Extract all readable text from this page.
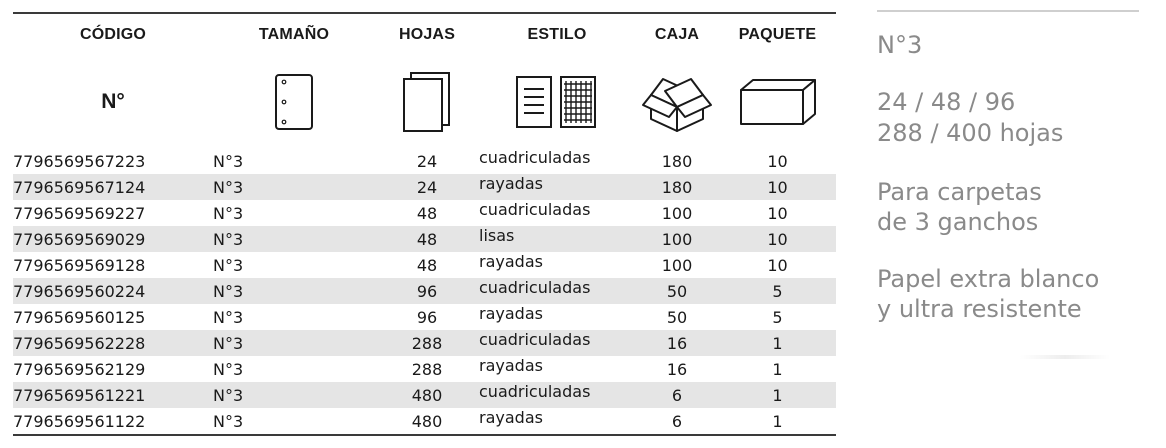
CÓDIGO	TAMAÑO	HOJAS	ESTILO	CAJA	PAQUETE
N°					
7796569567223	N°3	24	cuadriculadas	180	10
7796569567124	N°3	24	rayadas	180	10
7796569569227	N°3	48	cuadriculadas	100	10
7796569569029	N°3	48	lisas	100	10
7796569569128	N°3	48	rayadas	100	10
7796569560224	N°3	96	cuadriculadas	50	5
7796569560125	N°3	96	rayadas	50	5
7796569562228	N°3	288	cuadriculadas	16	1
7796569562129	N°3	288	rayadas	16	1
7796569561221	N°3	480	cuadriculadas	6	1
7796569561122	N°3	480	rayadas	6	1

N°3

24 / 48 / 96

288 / 400 hojas

Para carpetas

de 3 ganchos

Papel extra blanco

y ultra resistente
